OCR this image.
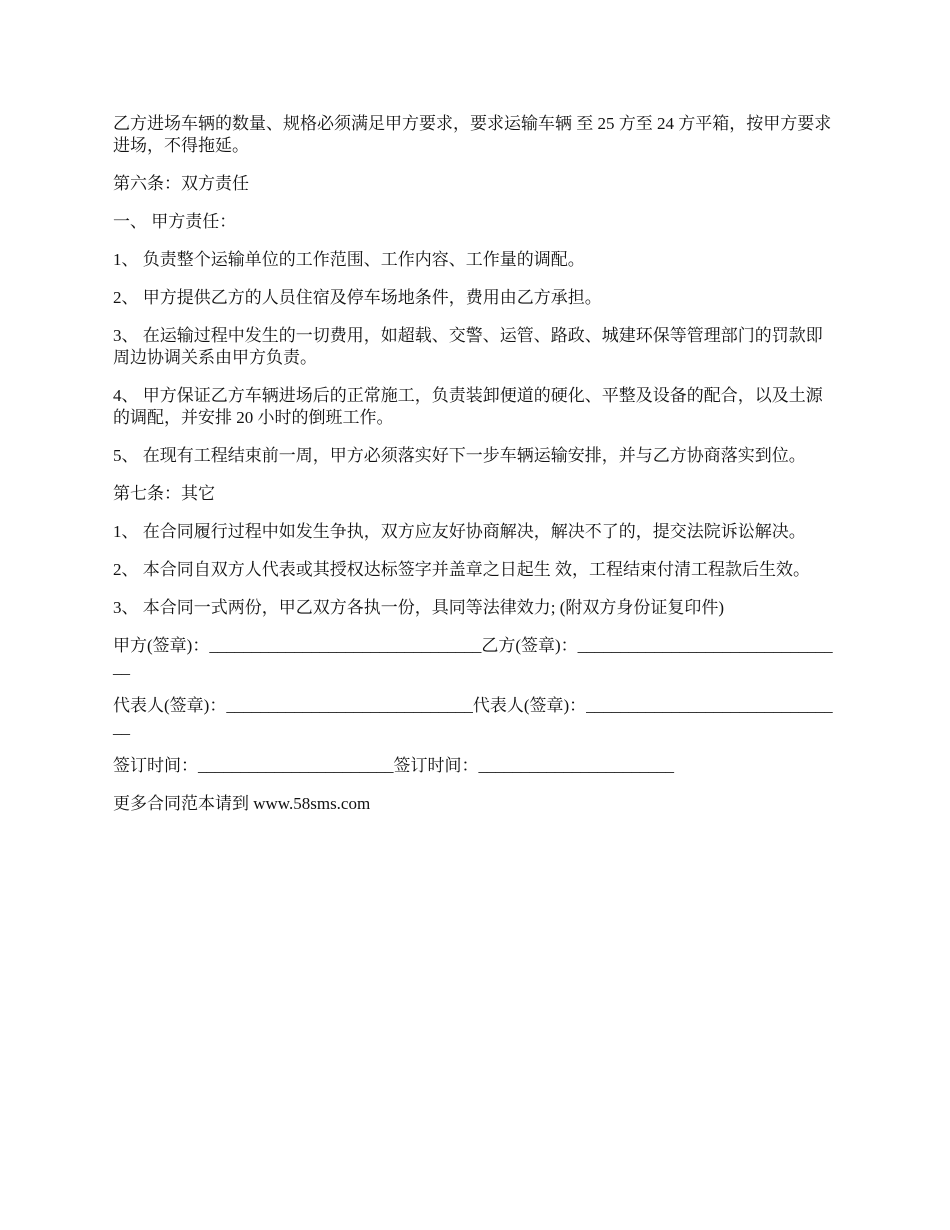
乙方进场车辆的数量、规格必须满足甲方要求，要求运输车辆 至 25 方至 24 方平箱，按甲方要求进场，不得拖延。

第六条：双方责任

一、 甲方责任：

1、 负责整个运输单位的工作范围、工作内容、工作量的调配。

2、 甲方提供乙方的人员住宿及停车场地条件，费用由乙方承担。

3、 在运输过程中发生的一切费用，如超载、交警、运管、路政、城建环保等管理部门的罚款即周边协调关系由甲方负责。

4、 甲方保证乙方车辆进场后的正常施工，负责装卸便道的硬化、平整及设备的配合，以及土源的调配，并安排 20 小时的倒班工作。

5、 在现有工程结束前一周，甲方必须落实好下一步车辆运输安排，并与乙方协商落实到位。

第七条：其它

1、 在合同履行过程中如发生争执，双方应友好协商解决，解决不了的，提交法院诉讼解决。

2、 本合同自双方人代表或其授权达标签字并盖章之日起生 效，工程结束付清工程款后生效。

3、 本合同一式两份，甲乙双方各执一份，具同等法律效力; (附双方身份证复印件)

甲方(签章)：________________________________乙方(签章)：________________________________

代表人(签章)：_____________________________代表人(签章)：_______________________________

签订时间：_______________________签订时间：_______________________

更多合同范本请到 www.58sms.com
